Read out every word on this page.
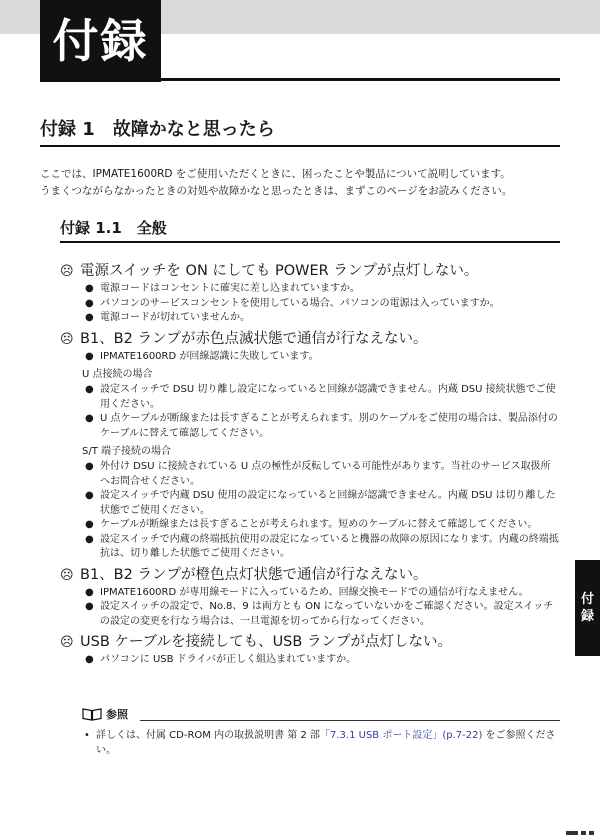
付録
付録 1　故障かなと思ったら

ここでは、IPMATE1600RD をご使用いただくときに、困ったことや製品について説明しています。

うまくつながらなかったときの対処や故障かなと思ったときは、まずこのページをお読みください。

付録 1.1　全般
☹ 電源スイッチを ON にしても POWER ランプが点灯しない。
● 電源コードはコンセントに確実に差し込まれていますか。
● パソコンのサービスコンセントを使用している場合、パソコンの電源は入っていますか。
● 電源コードが切れていませんか。
☹ B1、B2 ランプが赤色点滅状態で通信が行なえない。
● IPMATE1600RD が回線認識に失敗しています。
U 点接続の場合
● 設定スイッチで DSU 切り離し設定になっていると回線が認識できません。内蔵 DSU 接続状態でご使用ください。
● U 点ケーブルが断線または長すぎることが考えられます。別のケーブルをご使用の場合は、製品添付のケーブルに替えて確認してください。
S/T 端子接続の場合
● 外付け DSU に接続されている U 点の極性が反転している可能性があります。当社のサービス取扱所へお問合せください。
● 設定スイッチで内蔵 DSU 使用の設定になっていると回線が認識できません。内蔵 DSU は切り離した状態でご使用ください。
● ケーブルが断線または長すぎることが考えられます。短めのケーブルに替えて確認してください。
● 設定スイッチで内蔵の終端抵抗使用の設定になっていると機器の故障の原因になります。内蔵の終端抵抗は、切り離した状態でご使用ください。
☹ B1、B2 ランプが橙色点灯状態で通信が行なえない。
● IPMATE1600RD が専用線モードに入っているため、回線交換モードでの通信が行なえません。
● 設定スイッチの設定で、No.8、9 は両方とも ON になっていないかをご確認ください。設定スイッチの設定の変更を行なう場合は、一旦電源を切ってから行なってください。
☹ USB ケーブルを接続しても、USB ランプが点灯しない。
● パソコンに USB ドライバが正しく組込まれていますか。
参照
• 詳しくは、付属 CD-ROM 内の取扱説明書 第 2 部「7.3.1 USB ポート設定」(p.7-22) をご参照ください。
付録
